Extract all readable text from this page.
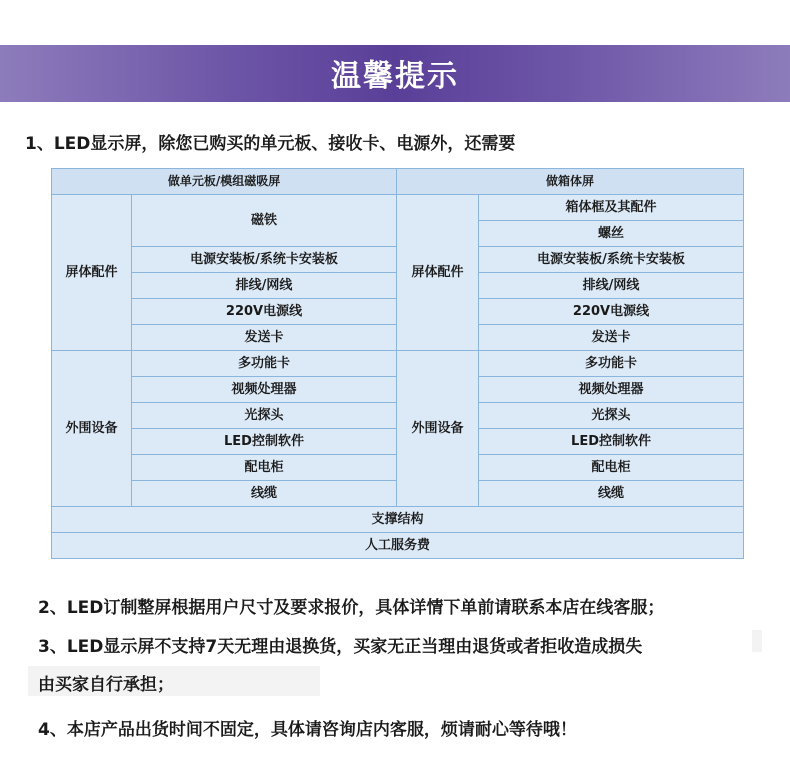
温馨提示
1、LED显示屏，除您已购买的单元板、接收卡、电源外，还需要
做单元板/模组磁吸屏		做箱体屏	
屏体配件	磁铁	屏体配件	箱体框及其配件
			螺丝
	电源安装板/系统卡安装板		电源安装板/系统卡安装板
	排线/网线		排线/网线
	220V电源线		220V电源线
	发送卡		发送卡
外围设备	多功能卡	外围设备	多功能卡
	视频处理器		视频处理器
	光探头		光探头
	LED控制软件		LED控制软件
	配电柜		配电柜
	线缆		线缆
支撑结构			
人工服务费			
2、LED订制整屏根据用户尺寸及要求报价，具体详情下单前请联系本店在线客服；
3、LED显示屏不支持7天无理由退换货，买家无正当理由退货或者拒收造成损失
由买家自行承担；
4、本店产品出货时间不固定，具体请咨询店内客服，烦请耐心等待哦！
